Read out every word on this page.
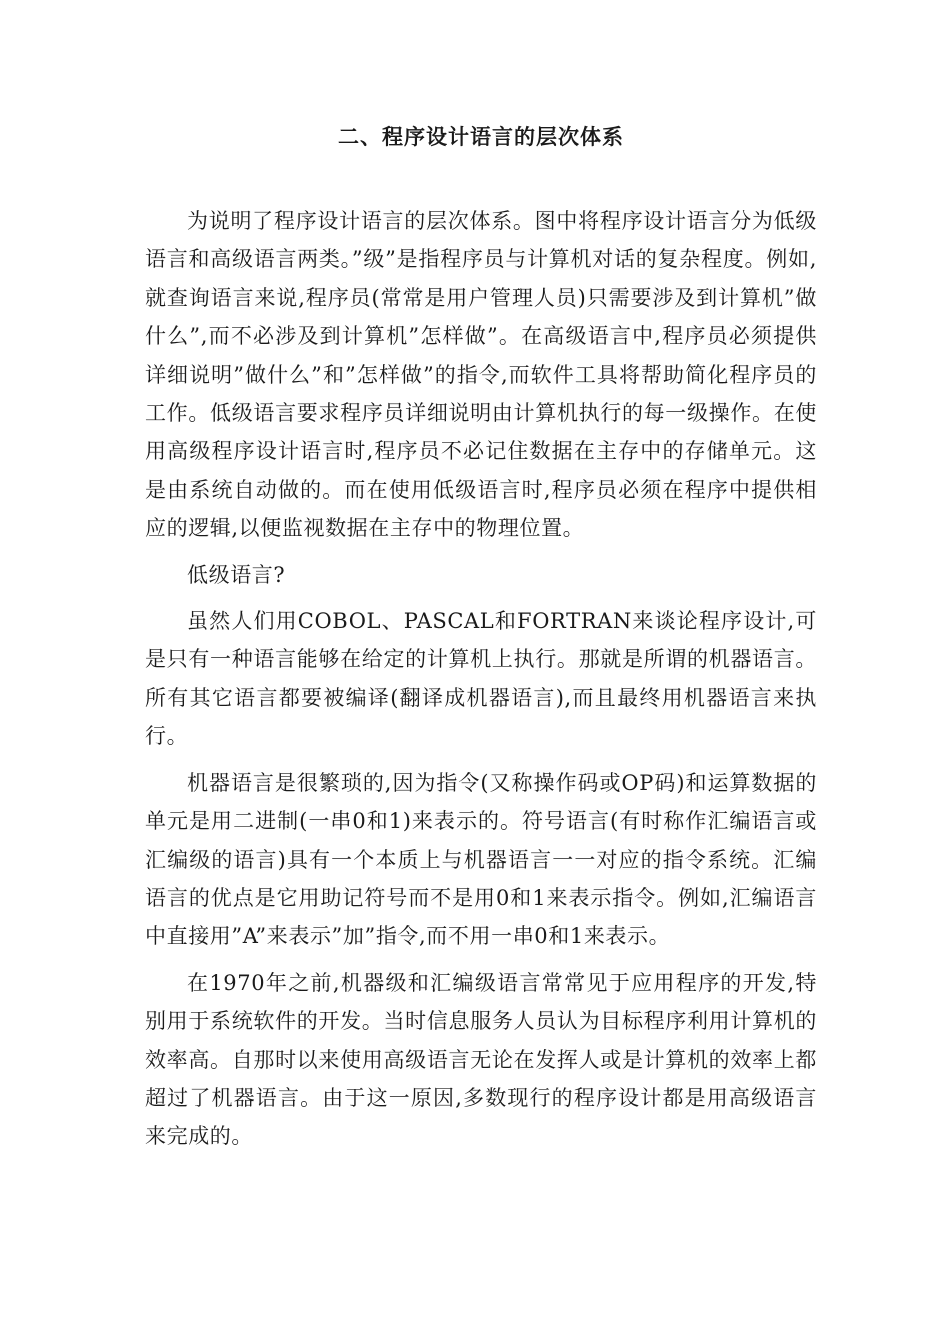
二、程序设计语言的层次体系

为说明了程序设计语言的层次体系。图中将程序设计语言分为低级语言和高级语言两类。”级”是指程序员与计算机对话的复杂程度。例如,就查询语言来说,程序员(常常是用户管理人员)只需要涉及到计算机”做什么”,而不必涉及到计算机”怎样做”。在高级语言中,程序员必须提供详细说明”做什么”和”怎样做”的指令,而软件工具将帮助简化程序员的工作。低级语言要求程序员详细说明由计算机执行的每一级操作。在使用高级程序设计语言时,程序员不必记住数据在主存中的存储单元。这是由系统自动做的。而在使用低级语言时,程序员必须在程序中提供相应的逻辑,以便监视数据在主存中的物理位置。

低级语言?

虽然人们用COBOL、PASCAL和FORTRAN来谈论程序设计,可是只有一种语言能够在给定的计算机上执行。那就是所谓的机器语言。所有其它语言都要被编译(翻译成机器语言),而且最终用机器语言来执行。

机器语言是很繁琐的,因为指令(又称操作码或OP码)和运算数据的单元是用二进制(一串0和1)来表示的。符号语言(有时称作汇编语言或汇编级的语言)具有一个本质上与机器语言一一对应的指令系统。汇编语言的优点是它用助记符号而不是用0和1来表示指令。例如,汇编语言中直接用”A”来表示”加”指令,而不用一串0和1来表示。

在1970年之前,机器级和汇编级语言常常见于应用程序的开发,特别用于系统软件的开发。当时信息服务人员认为目标程序利用计算机的效率高。自那时以来使用高级语言无论在发挥人或是计算机的效率上都超过了机器语言。由于这一原因,多数现行的程序设计都是用高级语言来完成的。
